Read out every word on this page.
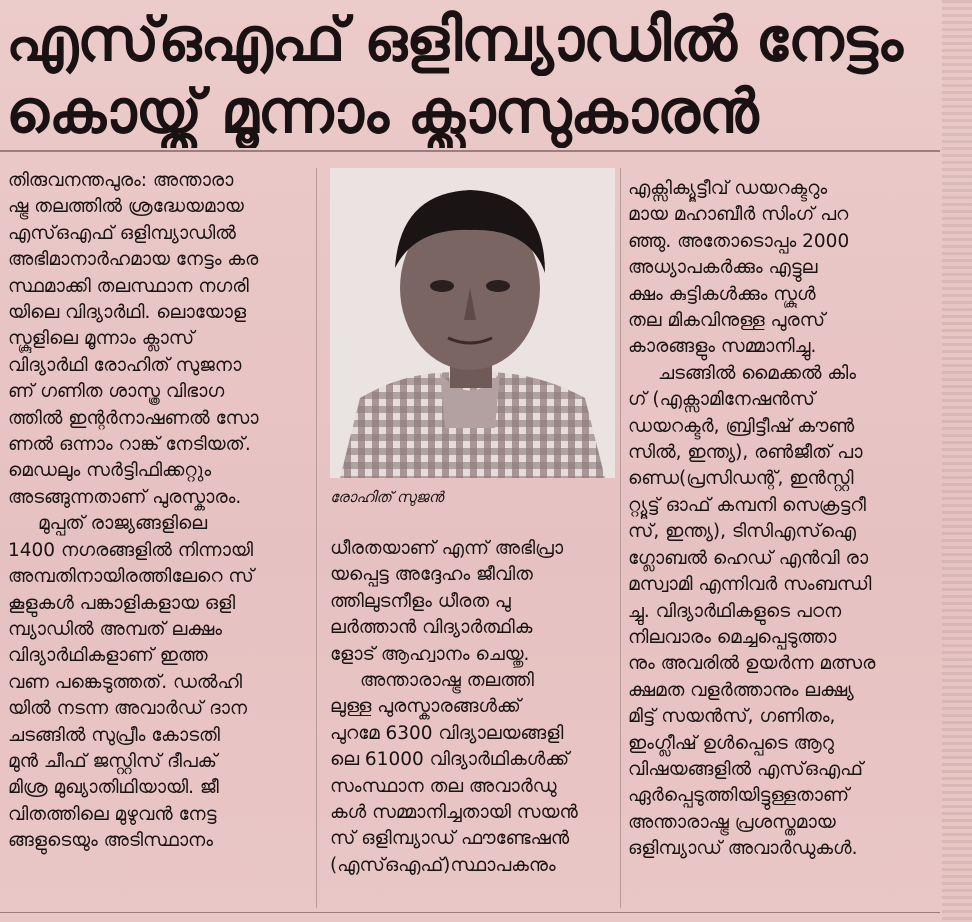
എസ്ഒഎഫ് ഒളിമ്പ്യാഡിൽ നേട്ടം
കൊയ്ത് മൂന്നാം ക്ലാസുകാരൻ

തിരുവനന്തപുരം: അന്താരാ

ഷ്ട്ര തലത്തിൽ ശ്രദ്ധേയമായ

എസ്ഒഎഫ് ഒളിമ്പ്യാഡിൽ

അഭിമാനാർഹമായ നേട്ടം കര

സ്ഥമാക്കി തലസ്ഥാന നഗരി

യിലെ വിദ്യാർഥി. ലൊയോള

സ്കൂളിലെ മൂന്നാം ക്ലാസ്

വിദ്യാർഥി രോഹിത് സുജനാ

ണ് ഗണിത ശാസ്ത്ര വിഭാഗ

ത്തിൽ ഇന്റർനാഷണൽ സോ

ണൽ ഒന്നാം റാങ്ക് നേടിയത്.

മെഡലും സർട്ടിഫിക്കറ്റും

അടങ്ങുന്നതാണ് പുരസ്കാരം.

മുപ്പത് രാജ്യങ്ങളിലെ

1400 നഗരങ്ങളിൽ നിന്നായി

അമ്പതിനായിരത്തിലേറെ സ്

കൂളുകൾ പങ്കാളികളായ ഒളി

മ്പ്യാഡിൽ അമ്പത് ലക്ഷം

വിദ്യാർഥികളാണ് ഇത്ത

വണ പങ്കെടുത്തത്. ഡൽഹി

യിൽ നടന്ന അവാർഡ് ദാന

ചടങ്ങിൽ സുപ്രീം കോടതി

മുൻ ചീഫ് ജസ്റ്റിസ് ദീപക്

മിശ്ര മുഖ്യാതിഥിയായി. ജീ

വിതത്തിലെ മുഴുവൻ നേട്ട

ങ്ങളുടെയും അടിസ്ഥാനം

രോഹിത് സുജൻ

ധീരതയാണ് എന്ന് അഭിപ്രാ

യപ്പെട്ട അദ്ദേഹം ജീവിത

ത്തിലുടനീളം ധീരത പു

ലർത്താൻ വിദ്യാർത്ഥിക

ളോട് ആഹ്വാനം ചെയ്തു.

അന്താരാഷ്ട്ര തലത്തി

ലുള്ള പുരസ്കാരങ്ങൾക്ക്

പുറമേ 6300 വിദ്യാലയങ്ങളി

ലെ 61000 വിദ്യാർഥികൾക്ക്

സംസ്ഥാന തല അവാർഡു

കൾ സമ്മാനിച്ചതായി സയൻ

സ് ഒളിമ്പ്യാഡ് ഫൗണ്ടേഷൻ

(എസ്ഒഎഫ്)സ്ഥാപകനും

എക്സിക്യൂട്ടീവ് ഡയറക്ടറും

മായ മഹാബീർ സിംഗ് പറ

ഞ്ഞു. അതോടൊപ്പം 2000

അധ്യാപകർക്കും എട്ടുല

ക്ഷം കുട്ടികൾക്കും സ്കൂൾ

തല മികവിനുള്ള പുരസ്

കാരങ്ങളും സമ്മാനിച്ചു.

ചടങ്ങിൽ മൈക്കൽ കിം

ഗ് (എക്സാമിനേഷൻസ്

ഡയറക്ടർ, ബ്രിട്ടീഷ് കൗൺ

സിൽ, ഇന്ത്യ), രൺജീത് പാ

ണ്ഡെ(പ്രസിഡന്റ്, ഇൻസ്റ്റി

റ്റ്യൂട്ട് ഓഫ് കമ്പനി സെക്രട്ടറീ

സ്, ഇന്ത്യ), ടിസിഎസ്ഐ

ഗ്ലോബൽ ഹെഡ് എൻവി രാ

മസ്വാമി എന്നിവർ സംബന്ധി

ച്ചു. വിദ്യാർഥികളുടെ പഠന

നിലവാരം മെച്ചപ്പെടുത്താ

നും അവരിൽ ഉയർന്ന മത്സര

ക്ഷമത വളർത്താനും ലക്ഷ്യ

മിട്ട് സയൻസ്, ഗണിതം,

ഇംഗ്ലീഷ് ഉൾപ്പെടെ ആറു

വിഷയങ്ങളിൽ എസ്ഒഎഫ്

ഏർപ്പെടുത്തിയിട്ടുള്ളതാണ്

അന്താരാഷ്ട്ര പ്രശസ്തമായ

ഒളിമ്പ്യാഡ് അവാർഡുകൾ.
